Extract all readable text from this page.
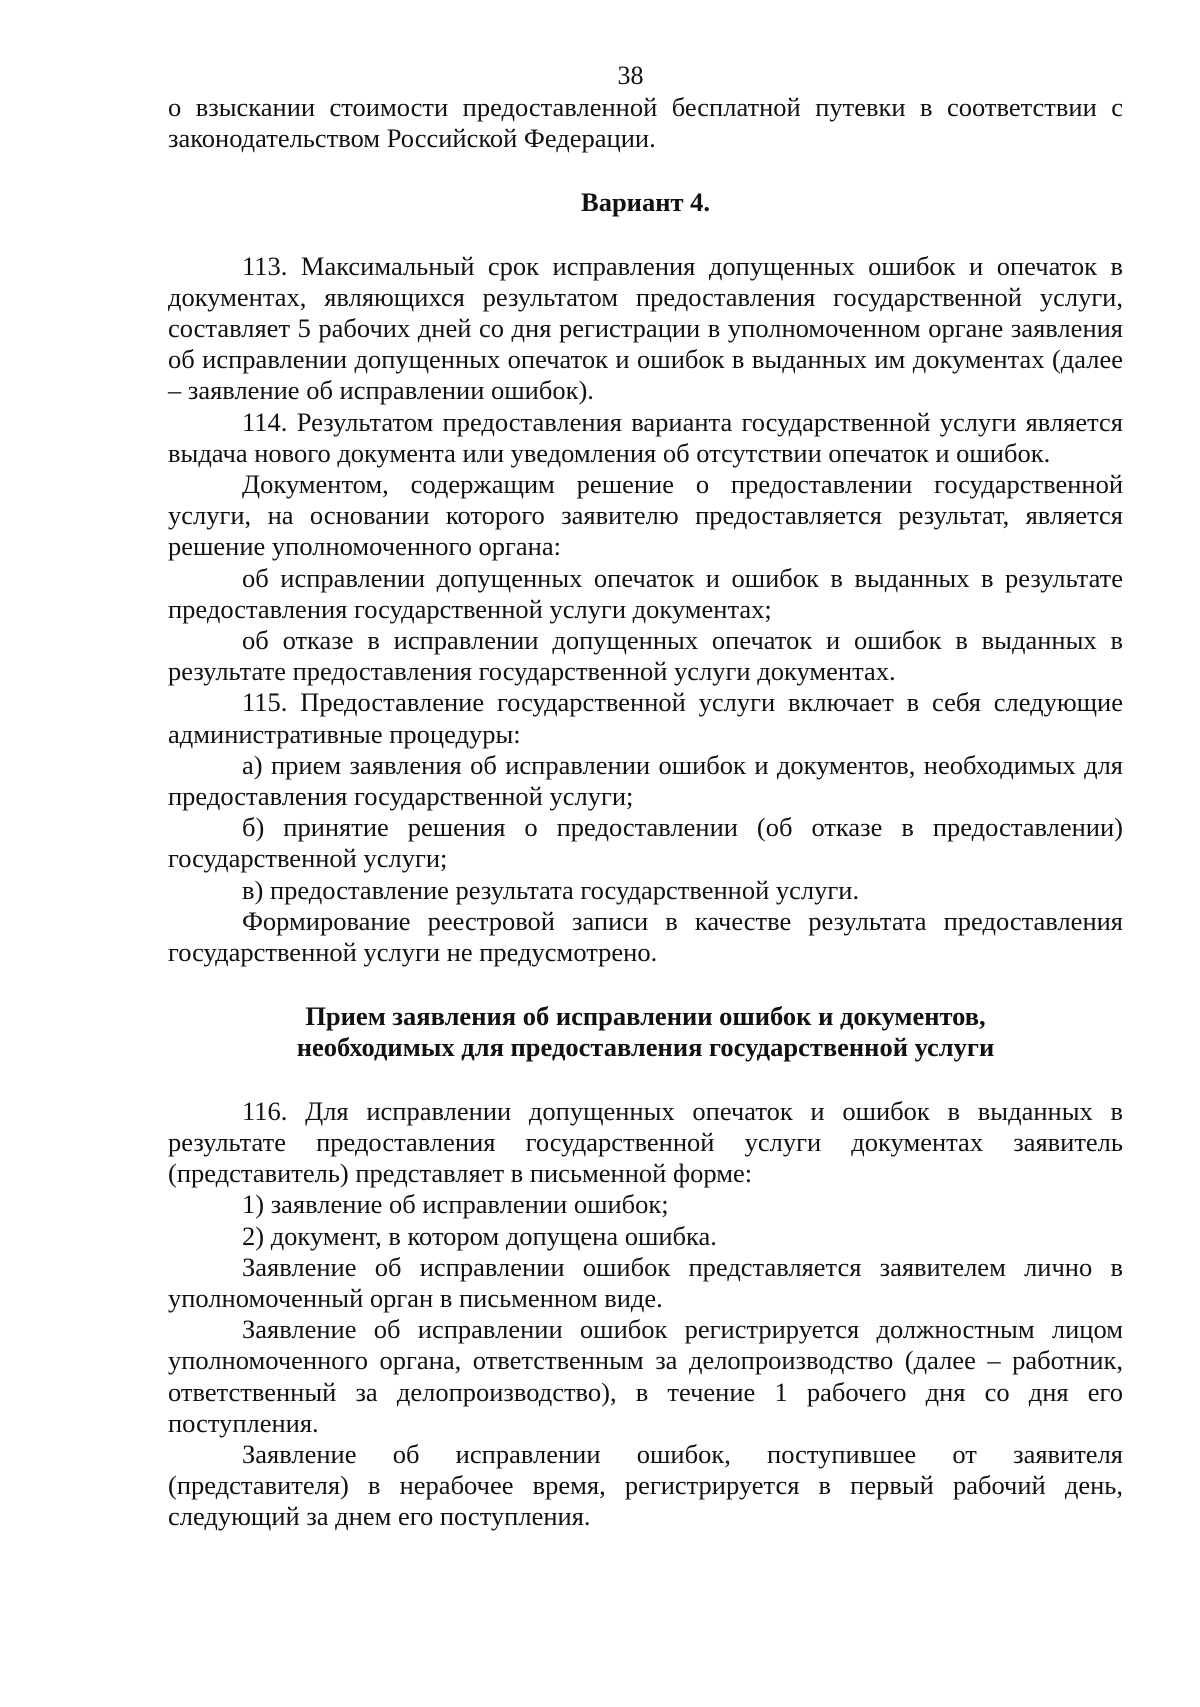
38

о взыскании стоимости предоставленной бесплатной путевки в соответствии с законодательством Российской Федерации.

Вариант 4.

113. Максимальный срок исправления допущенных ошибок и опечаток в документах, являющихся результатом предоставления государственной услуги, составляет 5 рабочих дней со дня регистрации в уполномоченном органе заявления об исправлении допущенных опечаток и ошибок в выданных им документах (далее – заявление об исправлении ошибок).

114. Результатом предоставления варианта государственной услуги является выдача нового документа или уведомления об отсутствии опечаток и ошибок.

Документом, содержащим решение о предоставлении государственной услуги, на основании которого заявителю предоставляется результат, является решение уполномоченного органа:

об исправлении допущенных опечаток и ошибок в выданных в результате предоставления государственной услуги документах;

об отказе в исправлении допущенных опечаток и ошибок в выданных в результате предоставления государственной услуги документах.

115. Предоставление государственной услуги включает в себя следующие административные процедуры:

а) прием заявления об исправлении ошибок и документов, необходимых для предоставления государственной услуги;

б) принятие решения о предоставлении (об отказе в предоставлении) государственной услуги;

в) предоставление результата государственной услуги.

Формирование реестровой записи в качестве результата предоставления государственной услуги не предусмотрено.

Прием заявления об исправлении ошибок и документов,
необходимых для предоставления государственной услуги

116. Для исправлении допущенных опечаток и ошибок в выданных в результате предоставления государственной услуги документах заявитель (представитель) представляет в письменной форме:

1) заявление об исправлении ошибок;

2) документ, в котором допущена ошибка.

Заявление об исправлении ошибок представляется заявителем лично в уполномоченный орган в письменном виде.

Заявление об исправлении ошибок регистрируется должностным лицом уполномоченного органа, ответственным за делопроизводство (далее – работник, ответственный за делопроизводство), в течение 1 рабочего дня со дня его поступления.

Заявление об исправлении ошибок, поступившее от заявителя (представителя) в нерабочее время, регистрируется в первый рабочий день, следующий за днем его поступления.
